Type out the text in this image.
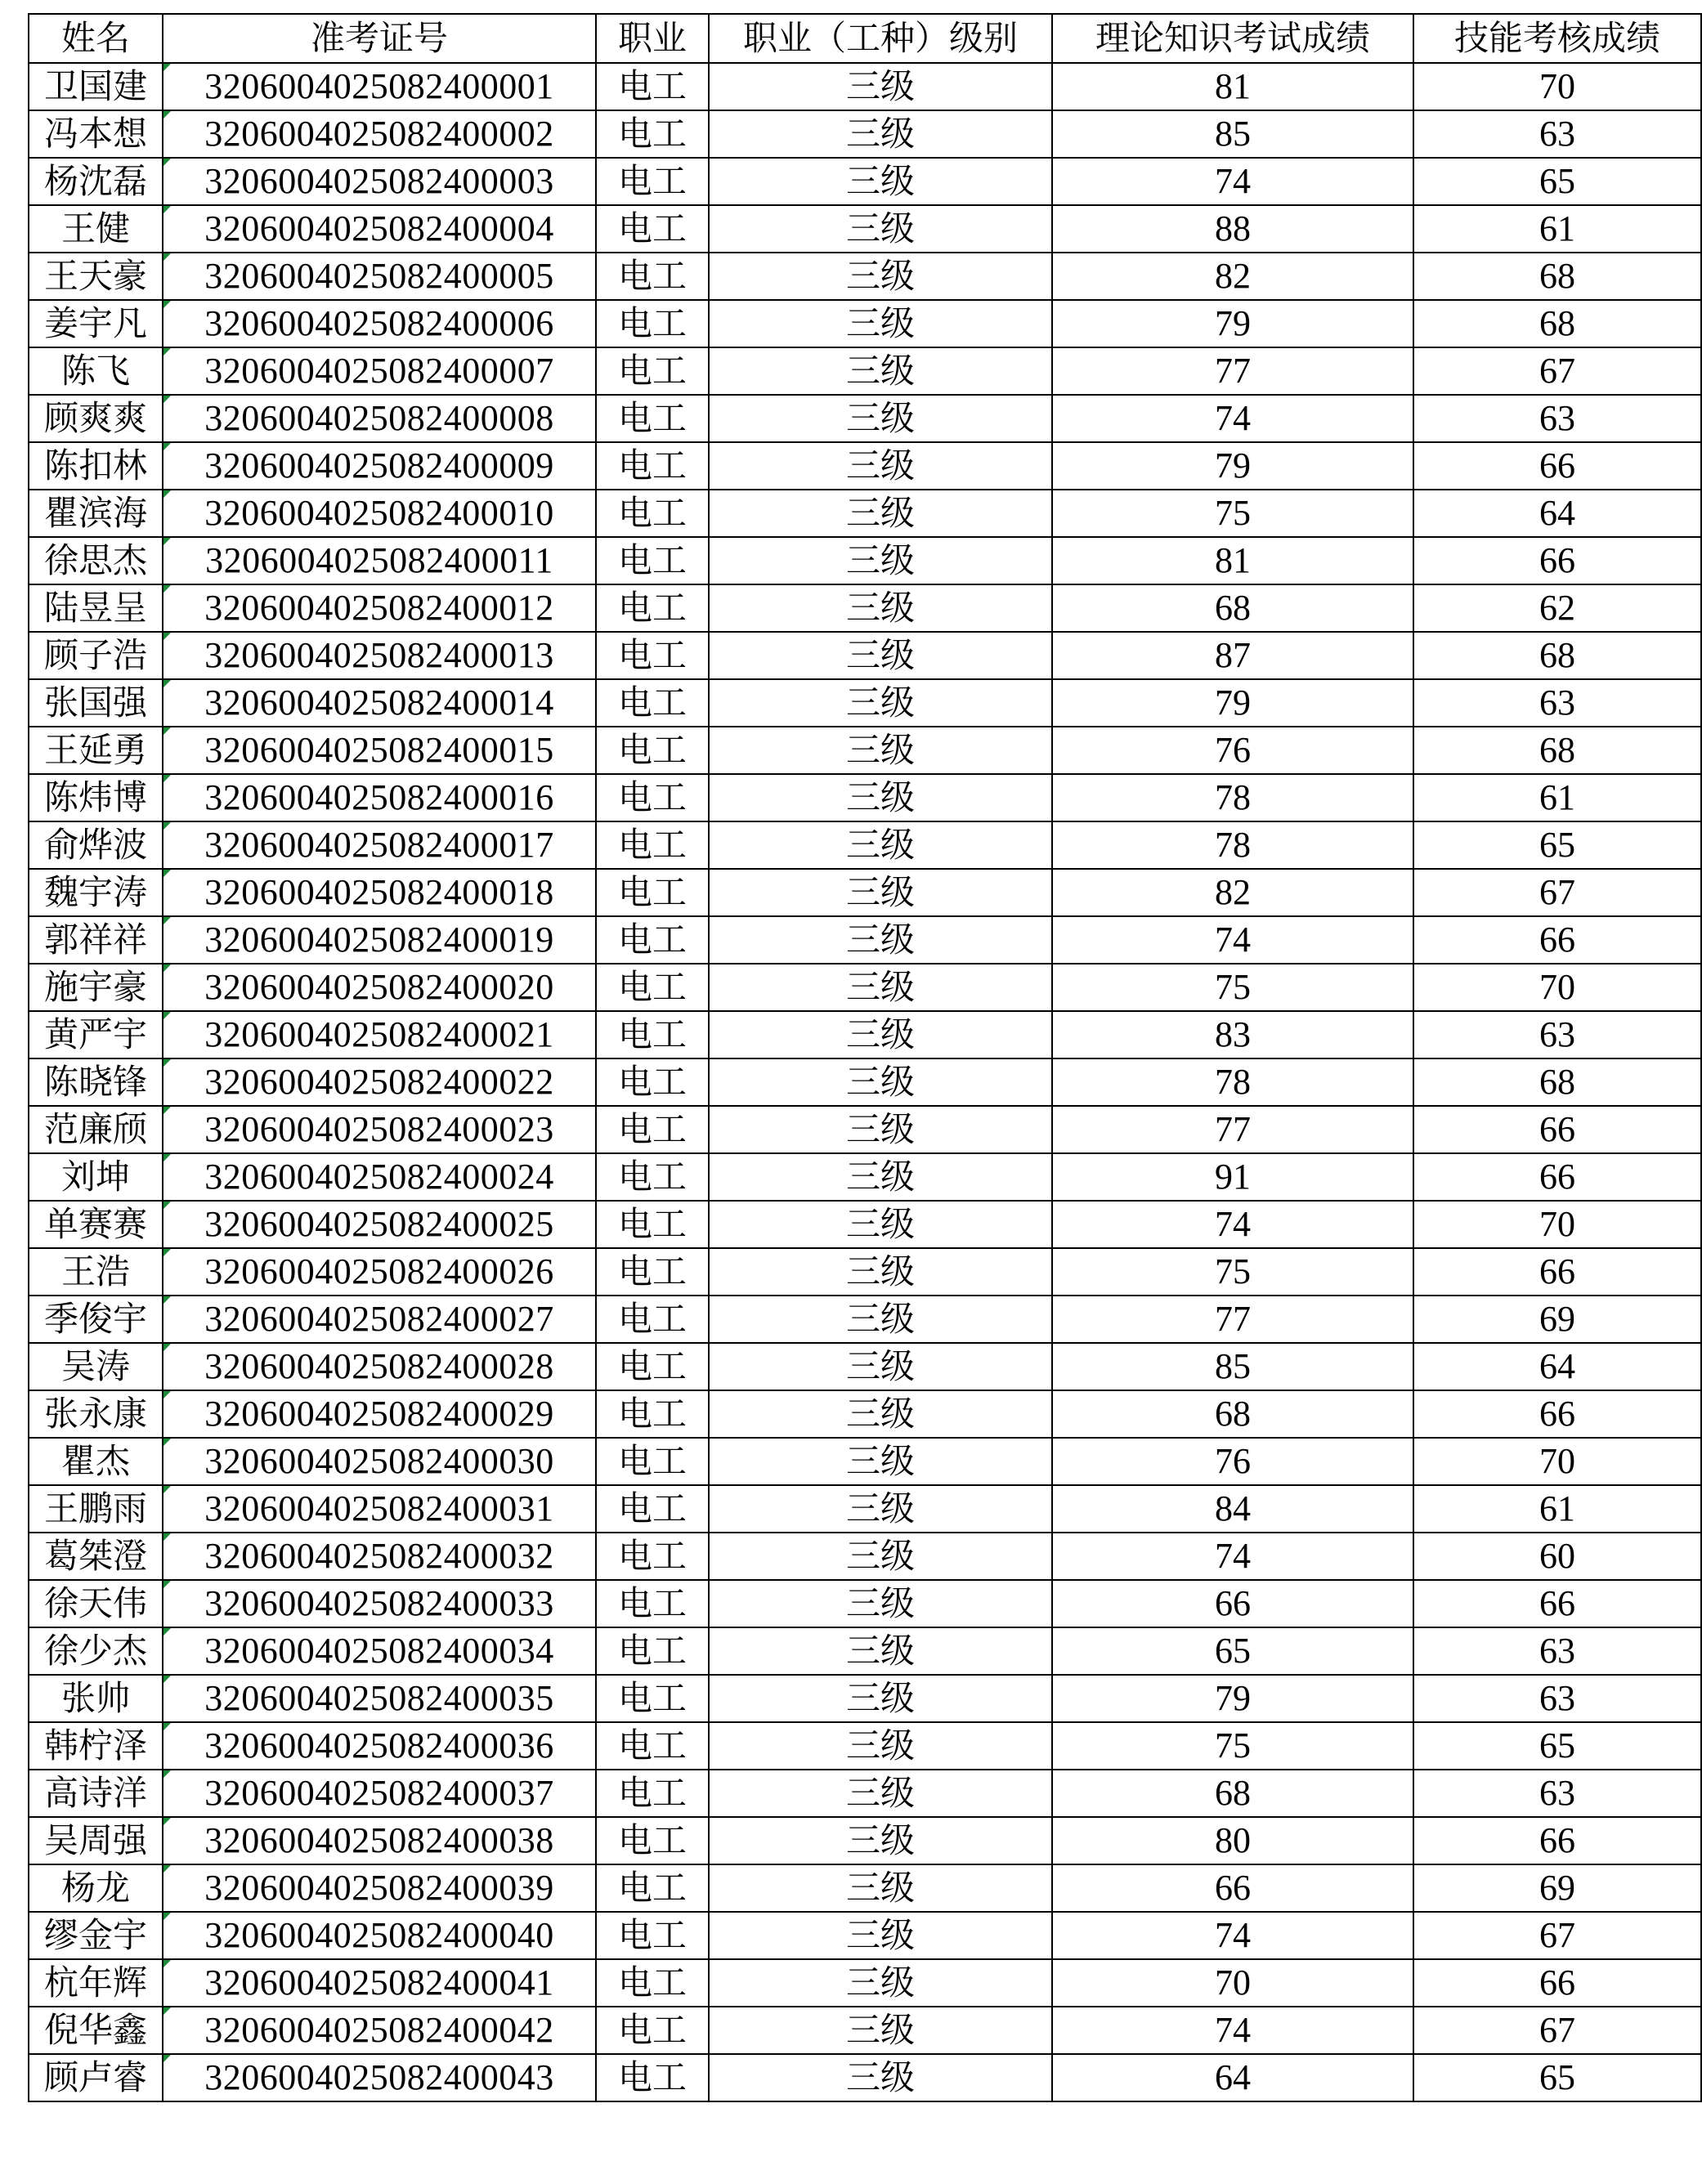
姓名	准考证号	职业	职业（工种）级别	理论知识考试成绩	技能考核成绩
卫国建	3206004025082400001	电工	三级	81	70
冯本想	3206004025082400002	电工	三级	85	63
杨沈磊	3206004025082400003	电工	三级	74	65
王健	3206004025082400004	电工	三级	88	61
王天豪	3206004025082400005	电工	三级	82	68
姜宇凡	3206004025082400006	电工	三级	79	68
陈飞	3206004025082400007	电工	三级	77	67
顾爽爽	3206004025082400008	电工	三级	74	63
陈扣林	3206004025082400009	电工	三级	79	66
瞿滨海	3206004025082400010	电工	三级	75	64
徐思杰	3206004025082400011	电工	三级	81	66
陆昱呈	3206004025082400012	电工	三级	68	62
顾子浩	3206004025082400013	电工	三级	87	68
张国强	3206004025082400014	电工	三级	79	63
王延勇	3206004025082400015	电工	三级	76	68
陈炜博	3206004025082400016	电工	三级	78	61
俞烨波	3206004025082400017	电工	三级	78	65
魏宇涛	3206004025082400018	电工	三级	82	67
郭祥祥	3206004025082400019	电工	三级	74	66
施宇豪	3206004025082400020	电工	三级	75	70
黄严宇	3206004025082400021	电工	三级	83	63
陈晓锋	3206004025082400022	电工	三级	78	68
范廉颀	3206004025082400023	电工	三级	77	66
刘坤	3206004025082400024	电工	三级	91	66
单赛赛	3206004025082400025	电工	三级	74	70
王浩	3206004025082400026	电工	三级	75	66
季俊宇	3206004025082400027	电工	三级	77	69
吴涛	3206004025082400028	电工	三级	85	64
张永康	3206004025082400029	电工	三级	68	66
瞿杰	3206004025082400030	电工	三级	76	70
王鹏雨	3206004025082400031	电工	三级	84	61
葛桀澄	3206004025082400032	电工	三级	74	60
徐天伟	3206004025082400033	电工	三级	66	66
徐少杰	3206004025082400034	电工	三级	65	63
张帅	3206004025082400035	电工	三级	79	63
韩柠泽	3206004025082400036	电工	三级	75	65
高诗洋	3206004025082400037	电工	三级	68	63
吴周强	3206004025082400038	电工	三级	80	66
杨龙	3206004025082400039	电工	三级	66	69
缪金宇	3206004025082400040	电工	三级	74	67
杭年辉	3206004025082400041	电工	三级	70	66
倪华鑫	3206004025082400042	电工	三级	74	67
顾卢睿	3206004025082400043	电工	三级	64	65
